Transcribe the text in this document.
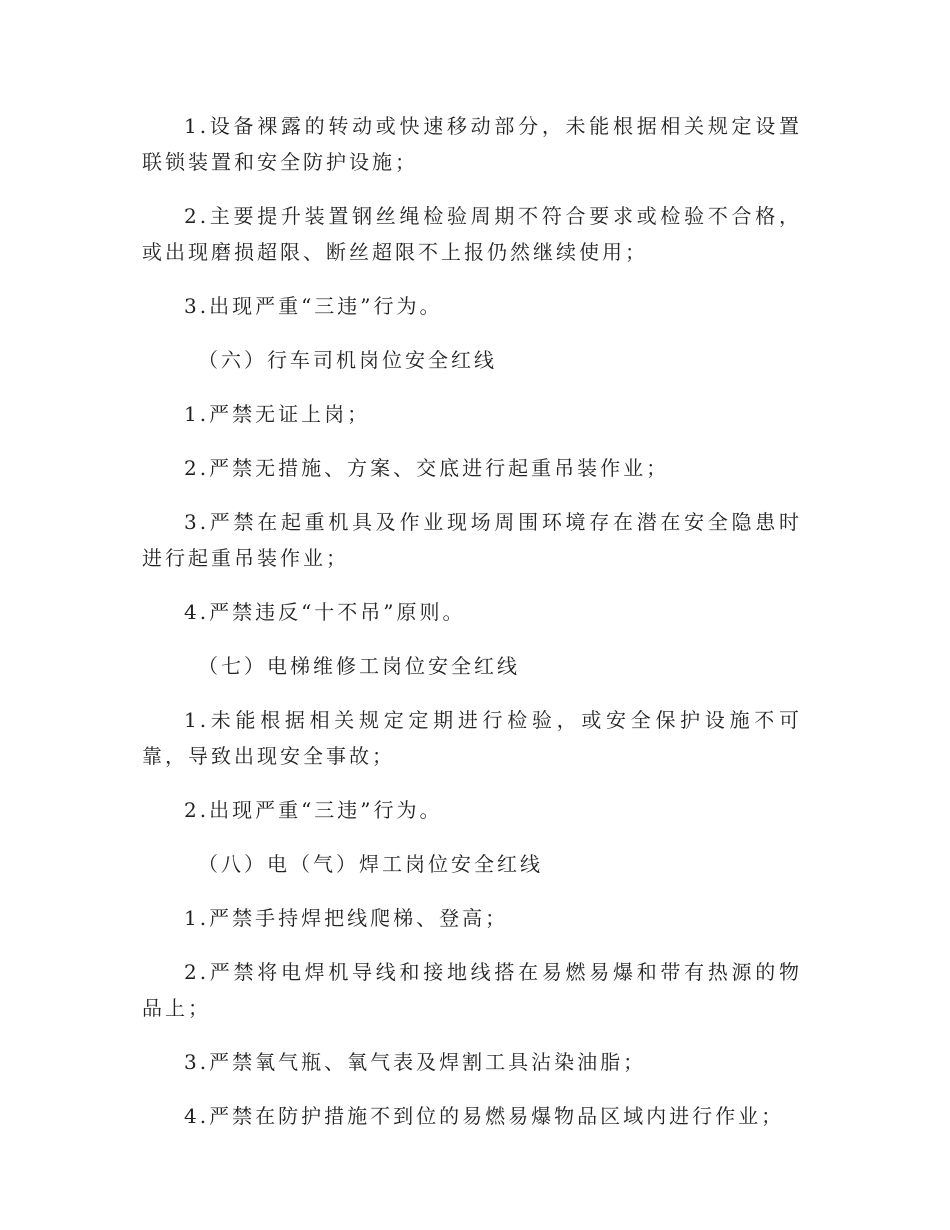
1.设备裸露的转动或快速移动部分，未能根据相关规定设置联锁装置和安全防护设施；

2.主要提升装置钢丝绳检验周期不符合要求或检验不合格，或出现磨损超限、断丝超限不上报仍然继续使用；

3.出现严重“三违”行为。

（六）行车司机岗位安全红线

1.严禁无证上岗；

2.严禁无措施、方案、交底进行起重吊装作业；

3.严禁在起重机具及作业现场周围环境存在潜在安全隐患时进行起重吊装作业；

4.严禁违反“十不吊”原则。

（七）电梯维修工岗位安全红线

1.未能根据相关规定定期进行检验，或安全保护设施不可靠，导致出现安全事故；

2.出现严重“三违”行为。

（八）电（气）焊工岗位安全红线

1.严禁手持焊把线爬梯、登高；

2.严禁将电焊机导线和接地线搭在易燃易爆和带有热源的物品上；

3.严禁氧气瓶、氧气表及焊割工具沾染油脂；

4.严禁在防护措施不到位的易燃易爆物品区域内进行作业；
